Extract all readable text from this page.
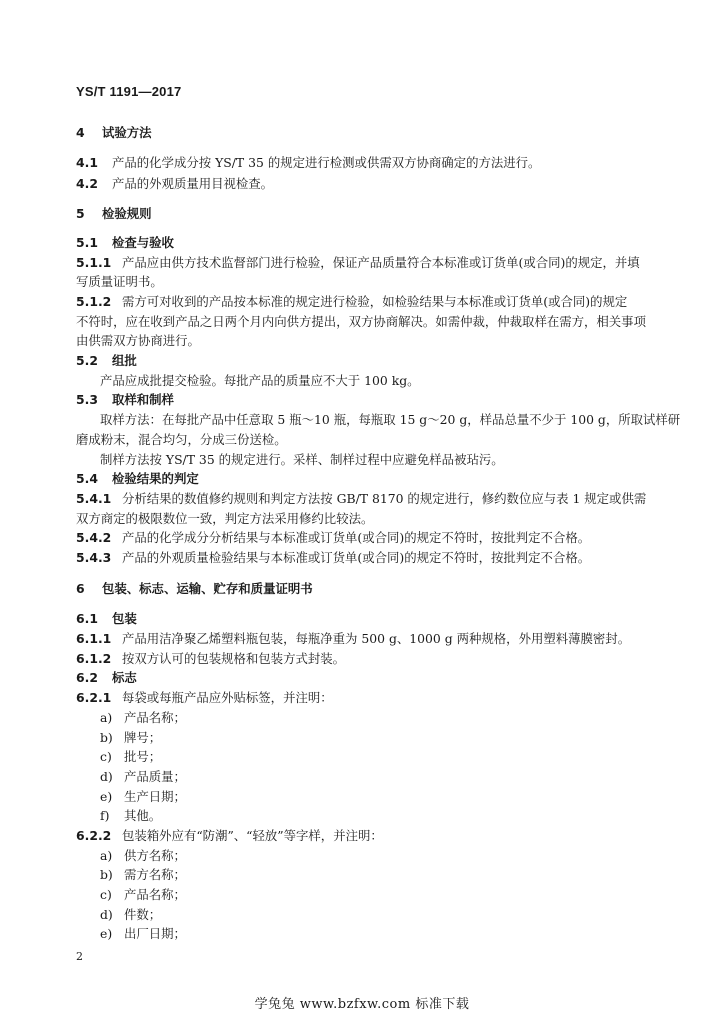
YS/T 1191—2017
4 试验方法
4.1 产品的化学成分按 YS/T 35 的规定进行检测或供需双方协商确定的方法进行。
4.2 产品的外观质量用目视检查。
5 检验规则
5.1 检查与验收
5.1.1 产品应由供方技术监督部门进行检验，保证产品质量符合本标准或订货单(或合同)的规定，并填
写质量证明书。
5.1.2 需方可对收到的产品按本标准的规定进行检验，如检验结果与本标准或订货单(或合同)的规定
不符时，应在收到产品之日两个月内向供方提出，双方协商解决。如需仲裁，仲裁取样在需方，相关事项
由供需双方协商进行。
5.2 组批
产品应成批提交检验。每批产品的质量应不大于 100 kg。
5.3 取样和制样
取样方法：在每批产品中任意取 5 瓶～10 瓶，每瓶取 15 g～20 g，样品总量不少于 100 g，所取试样研
磨成粉末，混合均匀，分成三份送检。
制样方法按 YS/T 35 的规定进行。采样、制样过程中应避免样品被玷污。
5.4 检验结果的判定
5.4.1 分析结果的数值修约规则和判定方法按 GB/T 8170 的规定进行，修约数位应与表 1 规定或供需
双方商定的极限数位一致，判定方法采用修约比较法。
5.4.2 产品的化学成分分析结果与本标准或订货单(或合同)的规定不符时，按批判定不合格。
5.4.3 产品的外观质量检验结果与本标准或订货单(或合同)的规定不符时，按批判定不合格。
6 包装、标志、运输、贮存和质量证明书
6.1 包装
6.1.1 产品用洁净聚乙烯塑料瓶包装，每瓶净重为 500 g、1000 g 两种规格，外用塑料薄膜密封。
6.1.2 按双方认可的包装规格和包装方式封装。
6.2 标志
6.2.1 每袋或每瓶产品应外贴标签，并注明：
a) 产品名称；
b) 牌号；
c) 批号；
d) 产品质量；
e) 生产日期；
f) 其他。
6.2.2 包装箱外应有“防潮”、“轻放”等字样，并注明：
a) 供方名称；
b) 需方名称；
c) 产品名称；
d) 件数；
e) 出厂日期；
2
学兔兔 www.bzfxw.com 标准下载
